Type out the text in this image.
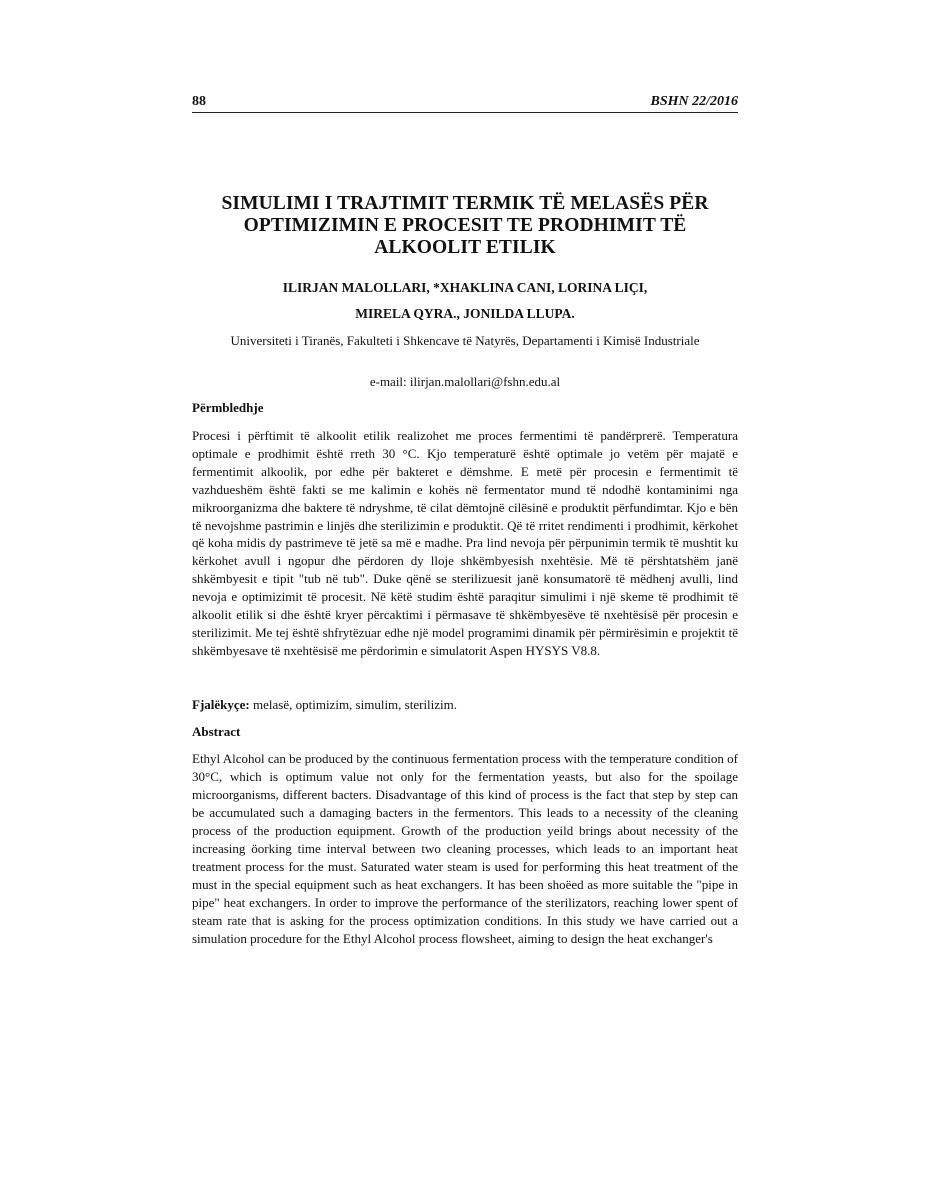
88	BSHN 22/2016
SIMULIMI I TRAJTIMIT TERMIK TË MELASËS PËR OPTIMIZIMIN E PROCESIT TE PRODHIMIT TË ALKOOLIT ETILIK
ILIRJAN MALOLLARI, *XHAKLINA CANI, LORINA LIÇI,
MIRELA QYRA., JONILDA LLUPA.
Universiteti i Tiranës, Fakulteti i Shkencave të Natyrës, Departamenti i Kimisë Industriale
e-mail: ilirjan.malollari@fshn.edu.al
Përmbledhje

Procesi i përftimit të alkoolit etilik realizohet me proces fermentimi të pandërprerë. Temperatura optimale e prodhimit është rreth 30 °C. Kjo temperaturë është optimale jo vetëm për majatë e fermentimit alkoolik, por edhe për bakteret e dëmshme. E metë për procesin e fermentimit të vazhdueshëm është fakti se me kalimin e kohës në fermentator mund të ndodhë kontaminimi nga mikroorganizma dhe baktere të ndryshme, të cilat dëmtojnë cilësinë e produktit përfundimtar. Kjo e bën të nevojshme pastrimin e linjës dhe sterilizimin e produktit. Që të rritet rendimenti i prodhimit, kërkohet që koha midis dy pastrimeve të jetë sa më e madhe. Pra lind nevoja për përpunimin termik të mushtit ku kërkohet avull i ngopur dhe përdoren dy lloje shkëmbyesish nxehtësie. Më të përshtatshëm janë shkëmbyesit e tipit "tub në tub". Duke qënë se sterilizuesit janë konsumatorë të mëdhenj avulli, lind nevoja e optimizimit të procesit. Në këtë studim është paraqitur simulimi i një skeme të prodhimit të alkoolit etilik si dhe është kryer përcaktimi i përmasave të shkëmbyesëve të nxehtësisë për procesin e sterilizimit. Me tej është shfrytëzuar edhe një model programimi dinamik për përmirësimin e projektit të shkëmbyesave të nxehtësisë me përdorimin e simulatorit Aspen HYSYS V8.8.

Fjalëkyçe: melasë, optimizim, simulim, sterilizim.
Abstract

Ethyl Alcohol can be produced by the continuous fermentation process with the temperature condition of 30°C, which is optimum value not only for the fermentation yeasts, but also for the spoilage microorganisms, different bacters. Disadvantage of this kind of process is the fact that step by step can be accumulated such a damaging bacters in the fermentors. This leads to a necessity of the cleaning process of the production equipment. Growth of the production yeild brings about necessity of the increasing öorking time interval between two cleaning processes, which leads to an important heat treatment process for the must. Saturated water steam is used for performing this heat treatment of the must in the special equipment such as heat exchangers. It has been shoëed as more suitable the "pipe in pipe" heat exchangers. In order to improve the performance of the sterilizators, reaching lower spent of steam rate that is asking for the process optimization conditions. In this study we have carried out a simulation procedure for the Ethyl Alcohol process flowsheet, aiming to design the heat exchanger's
